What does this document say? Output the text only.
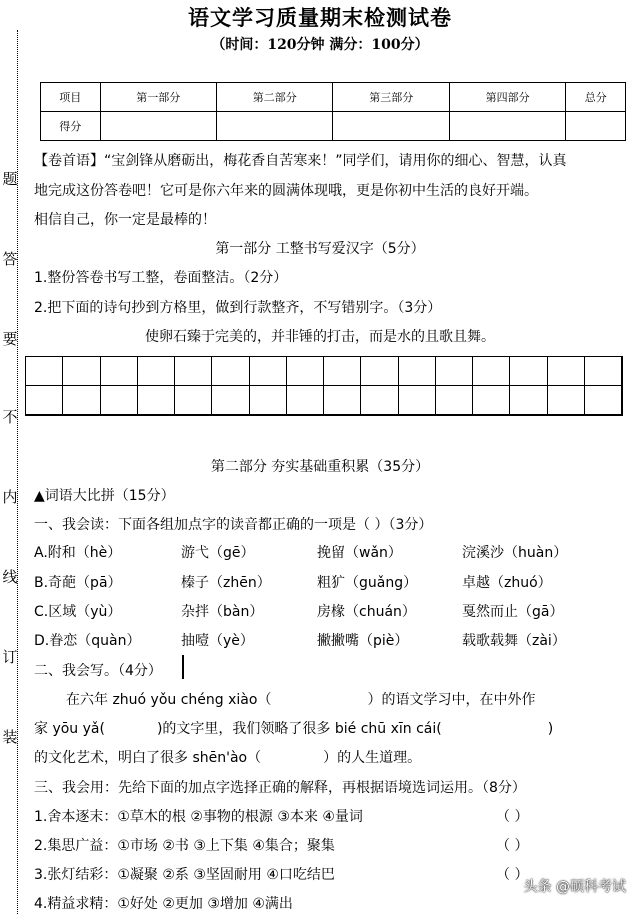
题
答
要
不
内
线
订
装
语文学习质量期末检测试卷
（时间：120分钟 满分：100分）
项目	第一部分	第二部分	第三部分	第四部分	总分
得分					
【卷首语】“宝剑锋从磨砺出，梅花香自苦寒来！”同学们，请用你的细心、智慧，认真
地完成这份答卷吧！它可是你六年来的圆满体现哦，更是你初中生活的良好开端。
相信自己，你一定是最棒的！
第一部分 工整书写爱汉字（5分）
1.整份答卷书写工整，卷面整洁。（2分）
2.把下面的诗句抄到方格里，做到行款整齐，不写错别字。（3分）
使卵石臻于完美的，并非锤的打击，而是水的且歌且舞。
第二部分 夯实基础重积累（35分）
▲词语大比拼（15分）
一、我会读：下面各组加点字的读音都正确的一项是（ ）（3分）
A.附和（hè）	游弋（gē）	挽留（wǎn）	浣溪沙（huàn）
B.奇葩（pā）	榛子（zhēn）	粗犷（guǎng）	卓越（zhuó）
C.区域（yù）	杂拌（bàn）	房椽（chuán）	戛然而止（gā）
D.眷恋（quàn）	抽噎（yè）	撇撇嘴（piè）	载歌载舞（zài）
二、我会写。（4分）
在六年 zhuó yǒu chéng xiào（	）的语文学习中，在中外作
家 yōu yǎ(	)的文字里，我们领略了很多 bié chū xīn cái(	)
的文化艺术，明白了很多 shēn'ào（	）的人生道理。
三、我会用：先给下面的加点字选择正确的解释，再根据语境选词运用。（8分）
1.舍本逐末：①草木的根 ②事物的根源 ③本来 ④量词	（ ）
2.集思广益：①市场 ②书 ③上下集 ④集合；聚集	（ ）
3.张灯结彩：①凝聚 ②系 ③坚固耐用 ④口吃结巴	（ ）
4.精益求精：①好处 ②更加 ③增加 ④满出
头条 @硕科考试
